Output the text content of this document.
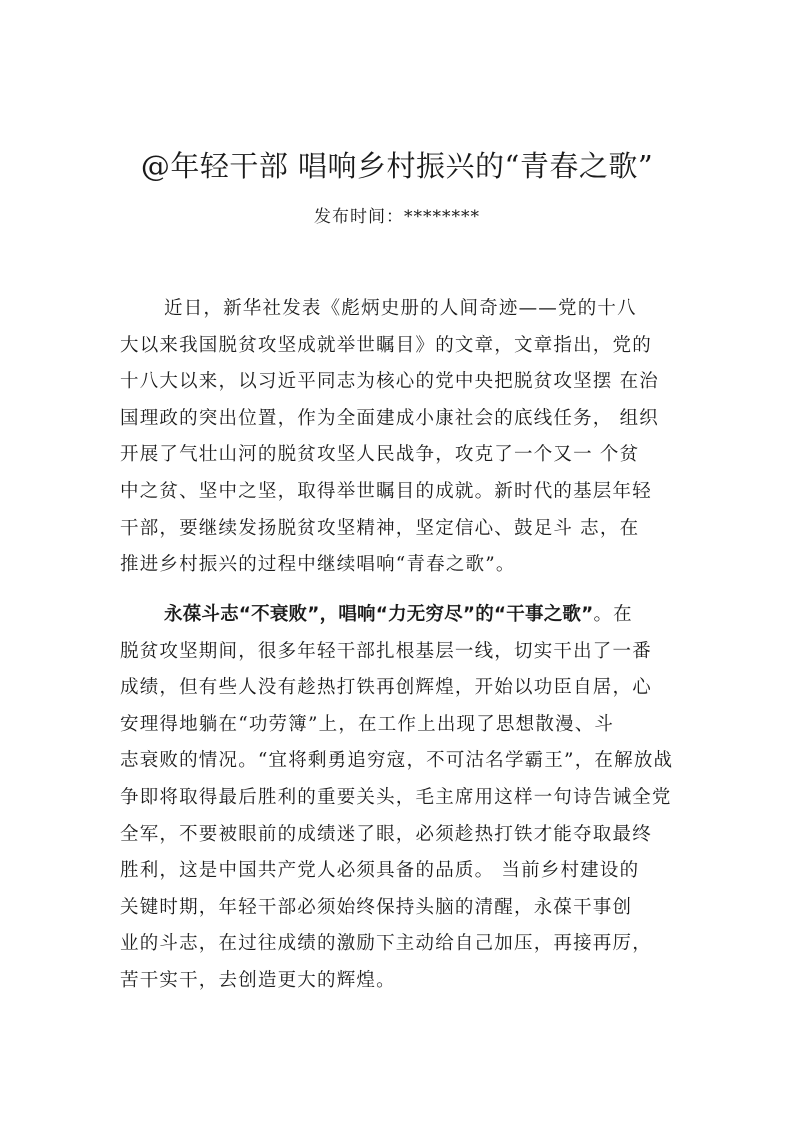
@年轻干部 唱响乡村振兴的“青春之歌”
发布时间：********
近日，新华社发表《彪炳史册的人间奇迹——党的十八
大以来我国脱贫攻坚成就举世瞩目》的文章，文章指出，党的
十八大以来，以习近平同志为核心的党中央把脱贫攻坚摆 在治
国理政的突出位置，作为全面建成小康社会的底线任务， 组织
开展了气壮山河的脱贫攻坚人民战争，攻克了一个又一 个贫
中之贫、坚中之坚，取得举世瞩目的成就。新时代的基层年轻
干部，要继续发扬脱贫攻坚精神，坚定信心、鼓足斗 志，在
推进乡村振兴的过程中继续唱响“青春之歌”。
永葆斗志“不衰败”，唱响“力无穷尽”的“干事之歌”。在
脱贫攻坚期间，很多年轻干部扎根基层一线，切实干出了一番
成绩，但有些人没有趁热打铁再创辉煌，开始以功臣自居，心
安理得地躺在“功劳簿”上，在工作上出现了思想散漫、斗
志衰败的情况。“宜将剩勇追穷寇，不可沽名学霸王”，在解放战
争即将取得最后胜利的重要关头，毛主席用这样一句诗告诫全党
全军，不要被眼前的成绩迷了眼，必须趁热打铁才能夺取最终
胜利，这是中国共产党人必须具备的品质。 当前乡村建设的
关键时期，年轻干部必须始终保持头脑的清醒，永葆干事创
业的斗志，在过往成绩的激励下主动给自己加压，再接再厉，
苦干实干，去创造更大的辉煌。
